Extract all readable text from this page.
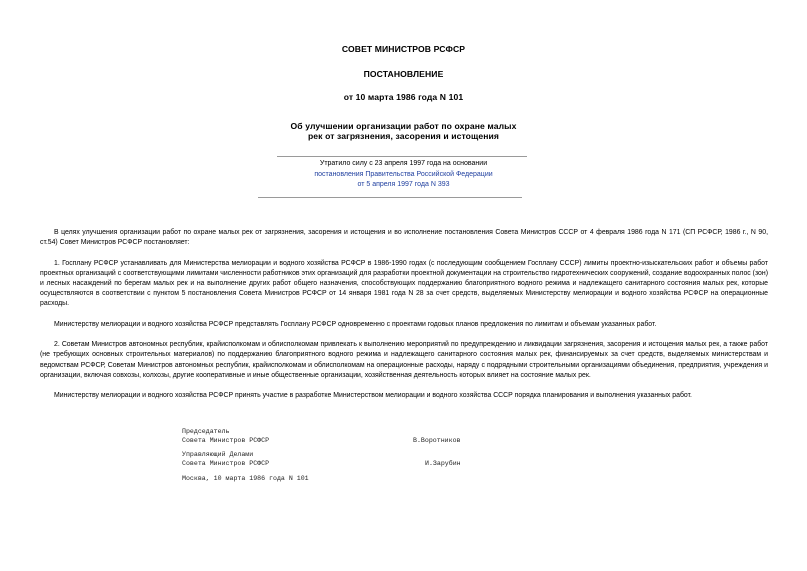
СОВЕТ МИНИСТРОВ РСФСР
ПОСТАНОВЛЕНИЕ
от 10 марта 1986 года N 101
Об улучшении организации работ по охране малых
рек от загрязнения, засорения и истощения
Утратило силу с 23 апреля 1997 года на основании
постановления Правительства Российской Федерации
от 5 апреля 1997 года N 393

В целях улучшения организации работ по охране малых рек от загрязнения, засорения и истощения и во исполнение постановления Совета Министров СССР от 4 февраля 1986 года N 171 (СП РСФСР, 1986 г., N 90, ст.54) Совет Министров РСФСР постановляет:

1. Госплану РСФСР устанавливать для Министерства мелиорации и водного хозяйства РСФСР в 1986-1990 годах (с последующим сообщением Госплану СССР) лимиты проектно-изыскательских работ и объемы работ проектных организаций с соответствующими лимитами численности работников этих организаций для разработки проектной документации на строительство гидротехнических сооружений, создание водоохранных полос (зон) и лесных насаждений по берегам малых рек и на выполнение других работ общего назначения, способствующих поддержанию благоприятного водного режима и надлежащего санитарного состояния малых рек, которые осуществляются в соответствии с пунктом 5 постановления Совета Министров РСФСР от 14 января 1981 года N 28 за счет средств, выделяемых Министерству мелиорации и водного хозяйства РСФСР на операционные расходы.

Министерству мелиорации и водного хозяйства РСФСР представлять Госплану РСФСР одновременно с проектами годовых планов предложения по лимитам и объемам указанных работ.

2. Советам Министров автономных республик, крайисполкомам и облисполкомам привлекать к выполнению мероприятий по предупреждению и ликвидации загрязнения, засорения и истощения малых рек, а также работ (не требующих основных строительных материалов) по поддержанию благоприятного водного режима и надлежащего санитарного состояния малых рек, финансируемых за счет средств, выделяемых министерствам и ведомствам РСФСР, Советам Министров автономных республик, крайисполкомам и облисполкомам на операционные расходы, наряду с подрядными строительными организациями объединения, предприятия, учреждения и организации, включая совхозы, колхозы, другие кооперативные и иные общественные организации, хозяйственная деятельность которых влияет на состояние малых рек.

Министерству мелиорации и водного хозяйства РСФСР принять участие в разработке Министерством мелиорации и водного хозяйства СССР порядка планирования и выполнения указанных работ.

Председатель
Совета Министров РСФСР	В.Воротников
Управляющий Делами
Совета Министров РСФСР	И.Зарубин
Москва, 10 марта 1986 года N 101
